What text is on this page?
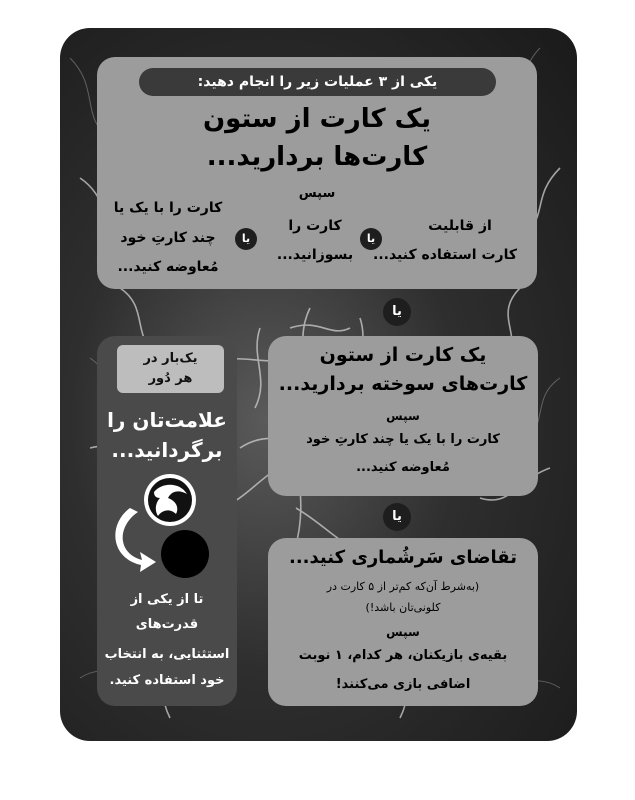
یکی از ۳ عملیات زیر را انجام دهید:
یک کارت از ستون
کارت‌ها بردارید...
سپس
از قابلیت
کارت استفاده کنید...
یا
کارت را
بسوزانید...
یا
کارت را با یک یا
چند کارتِ خود
مُعاوضه کنید...
یا
یک کارت از ستون
کارت‌های سوخته بردارید...
سپس
کارت را با یک یا چند کارتِ خود
مُعاوضه کنید...
یا
تقاضای سَرشُماری کنید...
(به‌شرط آن‌که کم‌تر از ۵ کارت در
کلونی‌تان باشد!)
سپس
بقیه‌ی بازیکنان، هر کدام، ۱ نوبت
اضافی بازی می‌کنند!
یک‌بار در
هر دُور
علامت‌تان را
برگردانید...
تا از یکی از
قدرت‌های
استثنایی، به انتخاب
خود استفاده کنید.
